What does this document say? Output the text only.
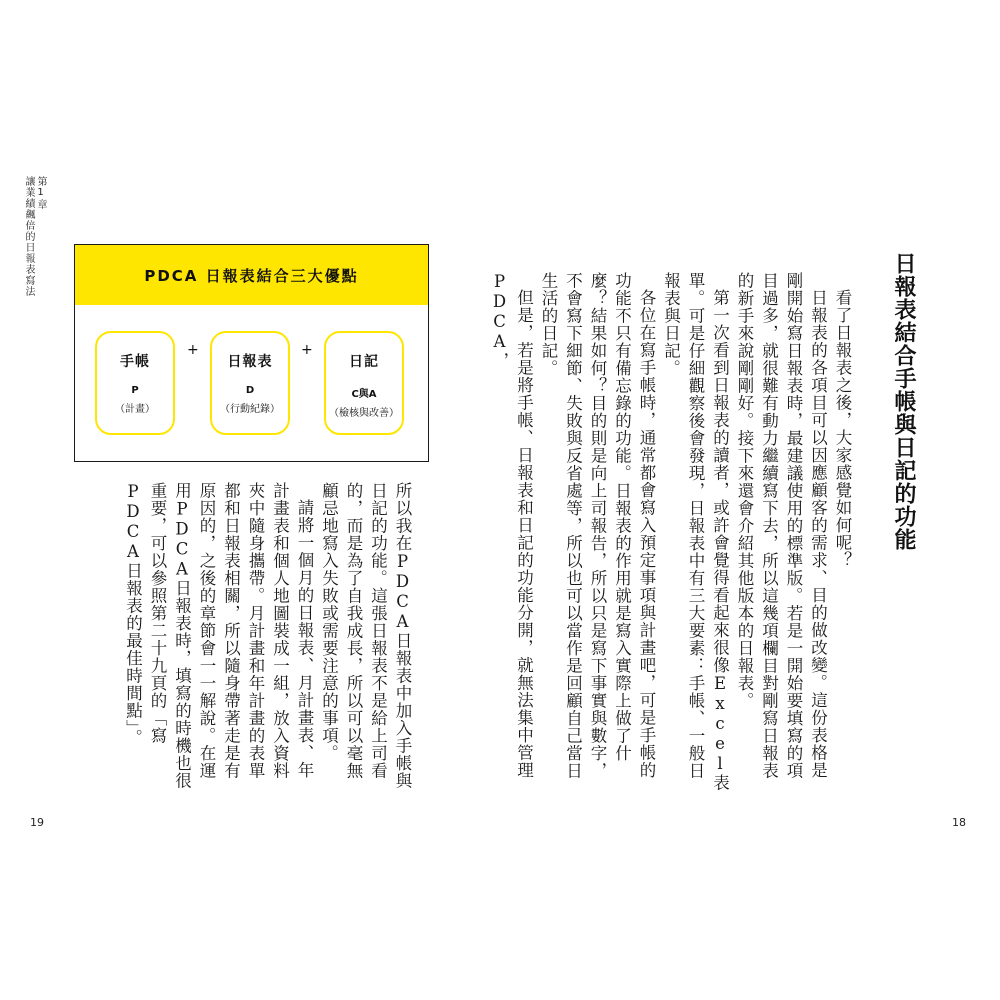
第1章
讓業績飆倍的日報表寫法
日報表結合手帳與日記的功能

看了日報表之後，大家感覺如何呢？

日報表的各項目可以因應顧客的需求、目的做改變。這份表格是剛開始寫日報表時，最建議使用的標準版。若是一開始要填寫的項目過多，就很難有動力繼續寫下去，所以這幾項欄目對剛寫日報表的新手來說剛剛好。接下來還會介紹其他版本的日報表。

第一次看到日報表的讀者，或許會覺得看起來很像Excel表單。可是仔細觀察後會發現，日報表中有三大要素：手帳、一般日報表與日記。

各位在寫手帳時，通常都會寫入預定事項與計畫吧，可是手帳的功能不只有備忘錄的功能。日報表的作用就是寫入實際上做了什麼？結果如何？目的則是向上司報告，所以只是寫下事實與數字，不會寫下細節、失敗與反省處等，所以也可以當作是回顧自己當日生活的日記。

但是，若是將手帳、日報表和日記的功能分開，就無法集中管理PDCA，

PDCA 日報表結合三大優點
手帳
P
（計畫）
+
日報表
D
（行動紀錄）
+
日記
C與A
（檢核與改善）

所以我在PDCA日報表中加入手帳與日記的功能。這張日報表不是給上司看的，而是為了自我成長，所以可以毫無顧忌地寫入失敗或需要注意的事項。

請將一個月的日報表、月計畫表、年計畫表和個人地圖裝成一組，放入資料夾中隨身攜帶。月計畫和年計畫的表單都和日報表相關，所以隨身帶著走是有原因的，之後的章節會一一解說。在運用PDCA日報表時，填寫的時機也很重要，可以參照第二十九頁的「寫PDCA日報表的最佳時間點」。

19	18
